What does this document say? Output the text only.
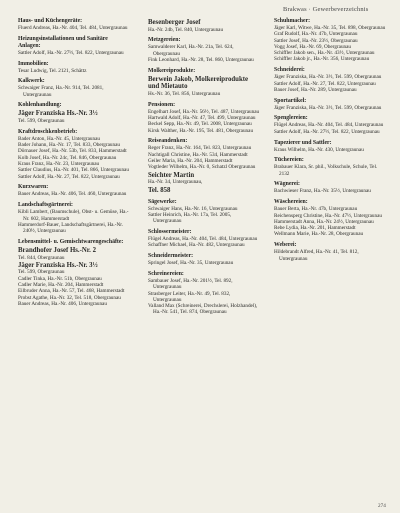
Brakwas · Gewerbeverzeichnis
Haus- und Küchengeräte:
Fluerd Andreas, Ha.-Nr. 404, Tel. 484, Untergraunau
Heizungsinstallationen und Sanitäre Anlagen:
Sattler Adolf, Ha.-Nr. 27½, Tel. 822, Untergraunau
Immobilien:
Tesar Ludwig, Tel. 2121, Schättz
Kalkwerk:
Schwaiger Franz, Ha.-Nr. 914, Tel. 2081, Untergraunau
Kohlenhandlung:
Jäger Franziska Hs.-Nr. 3½
Tel. 599, Obergraunau
Kraftdroschkenbetrieb:
Bader Anton, Ha.-Nr. 45, Untergraunau
Bader Johann, Ha.-Nr. 17, Tel. 833, Obergraunau
Dörnauer Josef, Ha.-Nr. 53b, Tel. 833, Hammerstadt
Kolb Josef, Ha.-Nr. 24c, Tel. 846, Obergraunau
Kraus Franz, Ha.-Nr. 23, Untergraunau
Sattler Claudius, Ha.-Nr. 401, Tel. 866, Untergraunau
Sattler Adolf, Ha.-Nr. 27, Tel. 822, Untergraunau
Kurzwaren:
Bauer Andreas, Ha.-Nr. 406, Tel. 460, Untergraunau
Landschaftsgärtnerei:
Kibli Lambert, (Baumschule), Obst- u. Gemüse, Ha.-Nr. 602, Hammerstadt
Hammerdorf-Bauer, Landschaftsgärtnerei, Ha.-Nr. 240½, Untergraunau
Lebensmittel- u. Gemischtwarengeschäfte:
Brandhofer Josef Hs.-Nr. 2
Tel. 844, Obergraunau
Jäger Franziska Hs.-Nr. 3½
Tel. 599, Obergraunau
Cadler Tinka, Ha.-Nr. 51b, Obergraunau
Cadler Marie, Ha.-Nr. 204, Hammerstadt
Eilbruder Anna, Ha.-Nr. 57, Tel. 468, Hammerstadt
Probst Agathe, Ha.-Nr. 32, Tel. 518, Obergraunau
Bauer Andreas, Ha.-Nr. 406, Untergraunau
Besenberger Josef
Ha.-Nr. 24b, Tel. 840, Untergraunau
Metzgereien:
Samwalderer Karl, Ha.-Nr. 21a, Tel. 624, Obergraunau
Fink Leonhard, Ha.-Nr. 28, Tel. 860, Untergraunau
Molkereiprodukte:
Berwein Jakob, Molkereiprodukte und Mietauto
Hs.-Nr. 36, Tel. 856, Untergraunau
Pensionen:
Engelhart Josef, Ha.-Nr. 56½, Tel. 487, Untergraunau
Hartwald Adolf, Ha.-Nr. 47, Tel. 499, Untergraunau
Beckel Sepp, Ha.-Nr. 49, Tel. 2008, Untergraunau
Kirsk Walther, Ha.-Nr. 195, Tel. 481, Obergraunau
Reiseandenken:
Reger Franz, Ha.-Nr. 164, Tel. 823, Untergraunau
Nachtigall Christine, Ha.-Nr. 534, Hammerstadt
Geiler Maria, Ha.-Nr. 204, Hammerstadt
Vogtleder Wilhelm, Ha.-Nr. 0, Schatzl Obergraunau
Seichter Martin
Ha.-Nr. 34, Untergraunau,
Tel. 858
Sägewerke:
Schwaiger Hans, Ha.-Nr. 16, Untergraunau
Sattler Heinrich, Ha.-Nr. 17a, Tel. 2005, Untergraunau
Schlossermeister:
Flügel Andreas, Ha.-Nr. 404, Tel. 484, Untergraunau
Schaffner Michael, Ha.-Nr. 482, Untergraunau
Schneidermeister:
Springel Josef, Ha.-Nr. 35, Untergraunau
Schreinereien:
Sambauer Josef, Ha.-Nr. 201½, Tel. 892, Untergraunau
Strasberger Leiter, Ha.-Nr. 49, Tel. 832, Untergraunau
Valland Max (Schreinerei, Drechslerei, Holzhandel), Ha.-Nr. 541, Tel. 874, Obergraunau
Schuhmacher:
Jäger Karl, Witwe, Ha.-Nr. 35, Tel. 898, Obergraunau
Graf Rudolf, Ha.-Nr. 47b, Untergraunau
Sattler Josef, Ha.-Nr. 23½, Obergraunau
Vogg Josef, Ha.-Nr. 69, Obergraunau
Schiffler Jakob sen., Ha.-Nr. 43½, Untergraunau
Schiffler Jakob jr., Ha.-Nr. 356, Untergraunau
Schneiderei:
Jäger Franziska, Ha.-Nr. 3½, Tel. 599, Obergraunau
Sattler Adolf, Ha.-Nr. 27, Tel. 822, Untergraunau
Bauer Josef, Ha.-Nr. 289, Untergraunau
Sportartikel:
Jäger Franziska, Ha.-Nr. 3½, Tel. 599, Obergraunau
Spenglereien:
Flügel Andreas, Ha.-Nr. 404, Tel. 484, Untergraunau
Sattler Adolf, Ha.-Nr. 27½, Tel. 822, Untergraunau
Tapezierer und Sattler:
Kraus Wilhelm, Ha.-Nr. 430, Untergraunau
Tüchereien:
Brabauer Klara, Sr. phil., Volkschule, Schule, Tel. 2132
Wägnerei:
Bachwieser Franz, Ha.-Nr. 35½, Untergraunau
Wäschereien:
Bauer Berta, Ha.-Nr. 47b, Untergraunau
Reichensperg Christine, Ha.-Nr. 47½, Untergraunau
Hammerstadt Anna, Ha.-Nr. 24½, Untergraunau
Rebe Lydia, Ha.-Nr. 201, Hammerstadt
Wellmann Marie, Ha.-Nr. 28, Obergraunau
Weberei:
Hildebrandt Alfred, Ha.-Nr. 41, Tel. 812, Untergraunau
274
